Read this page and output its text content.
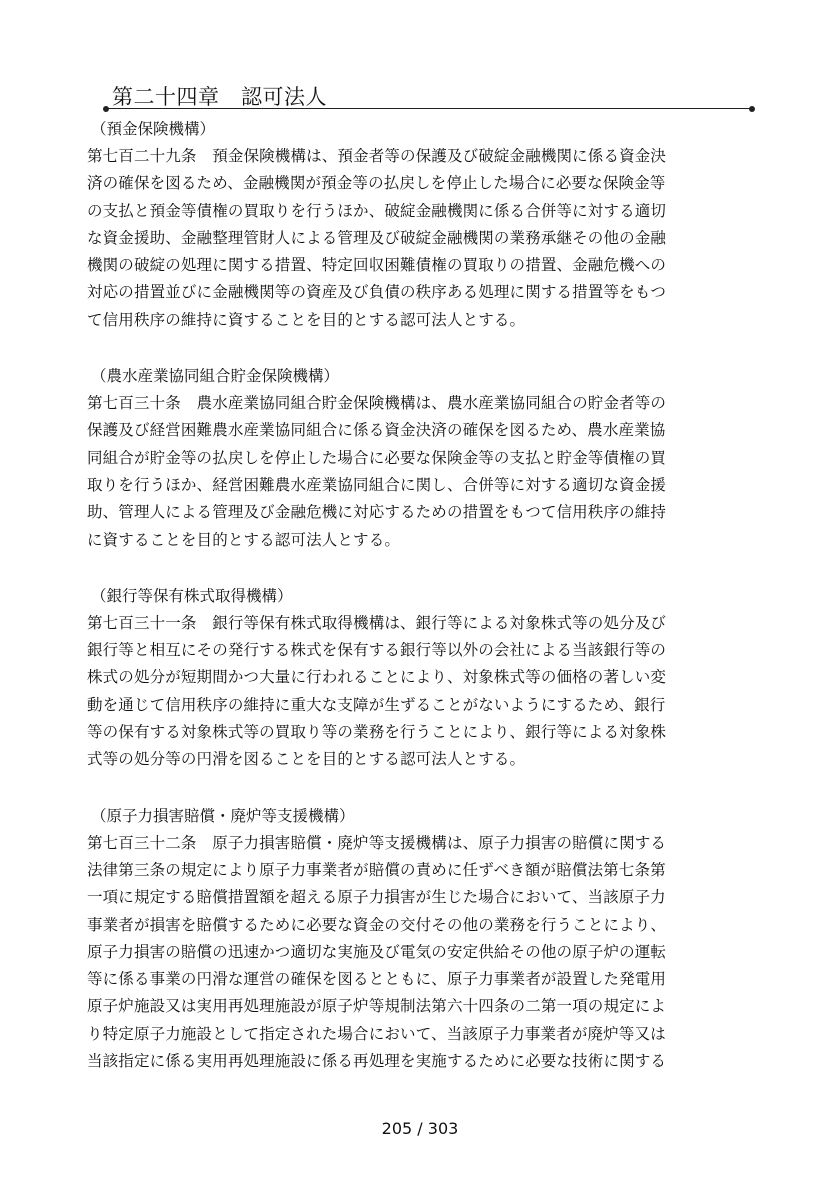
第二十四章　認可法人
（預金保険機構）
第七百二十九条　預金保険機構は、預金者等の保護及び破綻金融機関に係る資金決
済の確保を図るため、金融機関が預金等の払戻しを停止した場合に必要な保険金等
の支払と預金等債権の買取りを行うほか、破綻金融機関に係る合併等に対する適切
な資金援助、金融整理管財人による管理及び破綻金融機関の業務承継その他の金融
機関の破綻の処理に関する措置、特定回収困難債権の買取りの措置、金融危機への
対応の措置並びに金融機関等の資産及び負債の秩序ある処理に関する措置等をもつ
て信用秩序の維持に資することを目的とする認可法人とする。
（農水産業協同組合貯金保険機構）
第七百三十条　農水産業協同組合貯金保険機構は、農水産業協同組合の貯金者等の
保護及び経営困難農水産業協同組合に係る資金決済の確保を図るため、農水産業協
同組合が貯金等の払戻しを停止した場合に必要な保険金等の支払と貯金等債権の買
取りを行うほか、経営困難農水産業協同組合に関し、合併等に対する適切な資金援
助、管理人による管理及び金融危機に対応するための措置をもつて信用秩序の維持
に資することを目的とする認可法人とする。
（銀行等保有株式取得機構）
第七百三十一条　銀行等保有株式取得機構は、銀行等による対象株式等の処分及び
銀行等と相互にその発行する株式を保有する銀行等以外の会社による当該銀行等の
株式の処分が短期間かつ大量に行われることにより、対象株式等の価格の著しい変
動を通じて信用秩序の維持に重大な支障が生ずることがないようにするため、銀行
等の保有する対象株式等の買取り等の業務を行うことにより、銀行等による対象株
式等の処分等の円滑を図ることを目的とする認可法人とする。
（原子力損害賠償・廃炉等支援機構）
第七百三十二条　原子力損害賠償・廃炉等支援機構は、原子力損害の賠償に関する
法律第三条の規定により原子力事業者が賠償の責めに任ずべき額が賠償法第七条第
一項に規定する賠償措置額を超える原子力損害が生じた場合において、当該原子力
事業者が損害を賠償するために必要な資金の交付その他の業務を行うことにより、
原子力損害の賠償の迅速かつ適切な実施及び電気の安定供給その他の原子炉の運転
等に係る事業の円滑な運営の確保を図るとともに、原子力事業者が設置した発電用
原子炉施設又は実用再処理施設が原子炉等規制法第六十四条の二第一項の規定によ
り特定原子力施設として指定された場合において、当該原子力事業者が廃炉等又は
当該指定に係る実用再処理施設に係る再処理を実施するために必要な技術に関する
205 / 303
